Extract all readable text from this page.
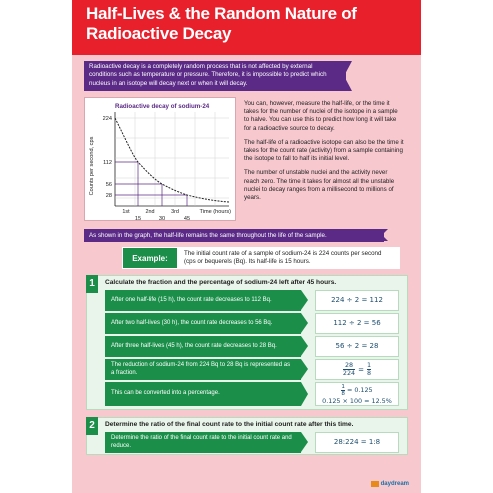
Half-Lives & the Random Nature of Radioactive Decay
Radioactive decay is a completely random process that is not affected by external conditions such as temperature or pressure. Therefore, it is impossible to predict which nucleus in an isotope will decay next or when it will decay.
Radioactive decay of sodium-24
Counts per second, cps
224
112
56
28
1st	2nd	3rd
15	30	45
Time (hours)

You can, however, measure the half-life, or the time it takes for the number of nuclei of the isotope in a sample to halve. You can use this to predict how long it will take for a radioactive source to decay.

The half-life of a radioactive isotope can also be the time it takes for the count rate (activity) from a sample containing the isotope to fall to half its initial level.

The number of unstable nuclei and the activity never reach zero. The time it takes for almost all the unstable nuclei to decay ranges from a millisecond to millions of years.

As shown in the graph, the half-life remains the same throughout the life of the sample.
Example:
The initial count rate of a sample of sodium-24 is 224 counts per second (cps or bequerels (Bq). Its half-life is 15 hours.
1	Calculate the fraction and the percentage of sodium-24 left after 45 hours.
After one half-life (15 h), the count rate decreases to 112 Bq.	224 ÷ 2 = 112
After two half-lives (30 h), the count rate decreases to 56 Bq.	112 ÷ 2 = 56
After three half-lives (45 h), the count rate decreases to 28 Bq.	56 ÷ 2 = 28
The reduction of sodium-24 from 224 Bq to 28 Bq is represented as a fraction.	$\frac{28}{224} = \frac{1}{8}$
This can be converted into a percentage.	$\frac{1}{8} = 0.125$
0.125 × 100 = 12.5%
2	Determine the ratio of the final count rate to the initial count rate after this time.
Determine the ratio of the final count rate to the initial count rate and reduce.	28:224 = 1:8
daydream
